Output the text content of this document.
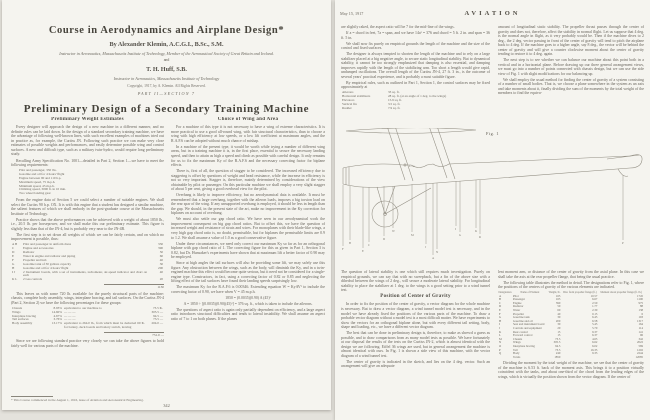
Course in Aerodynamics and Airplane Design*
By Alexander Klemin, A.C.G.I., B.Sc., S.M.
Instructor in Aeronautics, Massachusetts Institute of Technology, Member of the Aeronautical Society of Great Britain and Ireland.
and
T. H. Huff, S.B.
Instructor in Aeronautics, Massachusetts Institute of Technology
Copyright, 1917, by A. Klemin. All Rights Reserved.
PART II—SECTION 7
Preliminary Design of a Secondary Training Machine
Preliminary Weight Estimates

Every designer will approach the design of a new machine in a different manner, and no definite rules can be laid down. In the design of a standard secondary training machine, we have the advantage of following well-known lines, with such excellent examples of machines tried out in practice as, for example, the Curtiss JN. Following such practice we can make very close estimates of possible weights and performances, and easily determine possible wing and control surfaces. A new and difficult type, such as a military twin-hydro, would require long preliminary study.

Recalling Army Specification No. 1001—detailed in Part 2, Section 1—we have to meet the following requirements:

Pilot and passenger, 330 lbs.
Gasoline and oil for 4 hours' flight
Engine between 90 and 110 h.p.
Maximum speed, 75 m.p.h.
Minimum speed, 45 m.p.h.
Climbing speed, 3000 ft. in 10 min.
Two wheel landing gear

From the engine data of Section 5 we could select a number of suitable engines. We shall select the Curtiss 90 h.p. OX. It is with this engine that a student has designed a similar machine, the salient features of which we shall embody in the post-graduate course at the Massachusetts Institute of Technology.

Practice shows that the above performances can be achieved with a weight of about 1850 lb., i.e., 20.5 lb. per horsepower, and we shall make this our preliminary estimate. This figure is slightly less than that of the JN-4, but is probably very near to the JN-4B.

The first step is to set down all weights of which we can be fairly certain, and on which no improvement is possible, thus:

A B	Pilot and passenger in uniform dress	330
C	Engine and accessories	390
D	Radiator	50
E	Water in engine and radiator and piping	60
F	Propeller and hub	40
G	Gasoline tank of 30 gallons capacity	30
H	Gasoline and oil for 4 hours' flight	200
I J	2 Instrument boards, with a set of instruments, tachometer, air-speed indicator and chart on each	40
K L	2 Gas controls	20
1130

This leaves us with some 720 lb. available for the purely structural parts of the machine: chassis, complete body assembly, wings, interplane bracing, and tail surfaces. On the Curtiss JN-4 (Part 2, Section 2) we have the following percentages for these groups:

Chassis	8.93%	equivalent to our machine to	73.5 lb.
Wings	14.60%	— — —	305.5 —
Interplane bracing	4.67%	— — —	94.5 —
Tail surfaces	3.76%	— — —	73.5 —
Body assembly	13.17%	equivalent to 264.0 lb., from which must be deducted 60 lb. for battery, deck boards and battery switch, leaving	204.0 —
751.0 —

Since we are following standard practice very closely we can take the above figures to hold fairly well for various parts of the machine.

Choice of Wing and Area

For a machine of this type it is not necessary to have a wing of extreme characteristics. It is more practical to use a good all-round wing, with fair structural characteristics, than to choose a wing with high efficiency at low speeds, or a low lift coefficient at maximum angles, and the R.A.F.6 can be adopted without much chance of mishap.

In a machine of the present type, it would be worth while trying a number of different wing areas, but in a training machine it is, in the first place, essential to secure the necessary landing speed, and then to attain as high a speed and climb as possible with careful design. It only remains for us to fix the maximum Ky of the R.A.F.6 and the necessary correcting factor for biplane effects.

There is, first of all, the question of stagger to be considered. The increased efficiency due to staggering is offset by questions of weight and head resistance, while the increase in efficiency is not so very important. Stagger is, therefore, mainly determined by considerations of the view obtainable by pilot or passenger. On this particular machine we shall employ a very slight stagger of about 5 per cent, giving a good overhead view for the pilot.

Overhang is likely to improve efficiency, but no aerodynamical data is available. It must be remembered that a large overhang, together with the aileron loads, imposes a big torsion load on the rear spar of the wing. If any unsupported overhang is employed, it should be less in length than the gap. We should, in the present state of the art, make no improvement in the Ky correction for biplanes on account of overhang.

We must also settle our gap chord ratio. We have seen in our aerodynamical work the improvement consequent on big gap chord ratios. But to offset this, we have the question of increased weight and resistance of struts and wires. For monoplanes with their blade-like wings, a very high gap chord ratio is, no doubt, permissible, but for biplanes the permissible limits are 0.9 to 1.2. We shall assume a value of 1.0 as a good conservative figure.

Under these circumstances, we need only correct our maximum Ky so far as for an orthogonal biplane with gap chord ratio of 1. The correcting figure for this as given in Part 1, Section 3 is 0.82, but Dr. Hunsaker's experiments have shown that at maximum lift a better factor of 0.90 may be employed.

Since at high angles the tail surfaces will also be providing some lift, we may safely use this figure. Any obstruction between the wings, such as the body, will diminish the Ky, and in a twin-engined machine this effect would become quite serious, but it need not be considered for a single-engine type. Constructors, in fact, using a correcting factor of 0.82 or 0.85 and neglecting the lifting effect of the tail surfaces have found their landing speeds surprisingly low.

The maximum Ky for the R.A.F.6 is 0.00346. Extending equation W = KyAV² to include the correcting factor of 0.90, we have when V = 45 m.p.h.

1850 = (0.0035)(0.90) A (45)²
A = 1850 ÷ [(0.0035)(0.90)(45)²] = 376 sq. ft., which is taken to include the ailerons.

The questions of aspect ratio is again only partially dependent on efficiency, and a large aspect ratio introduces structural difficulties and tends to lateral instability. We shall assume an aspect ratio of 7 to 1 on both planes. If the planes

* This Course commenced in the August 1, 1916, issue of Aviation and Aeronautical Engineering.
342
May 15, 1917	AVIATION

are slightly raked, the aspect ratio will be 7 for the mid-line of the wings.

If a = chord in feet, 7a = span, and we have 14a² = 376 and chord = 5 ft. 2 in. and span = 36 ft. 5 in.

We shall now fix purely on empirical grounds the length of the machine and the size of the control and fixed surfaces.

The designer is always tempted to shorten the length of the machine and to rely on a large stabilizer placed at a big negative angle, to secure static longitudinal stability. But to dynamical stability, it cannot be too strongly emphasized that damping is also essential, and damping improves rapidly with the length of the stabilizing arm. Too short a length would give rapid, undamped oscillations. The overall length of the Curtiss JN-4, 27 ft. 3 in., is the outcome of several years' practical experience, and is probably a most suitable figure.

By empirical rules, such as outlined in Part 1, Section 1, the control surfaces may be fixed approximately at

Ailerons	33 sq. ft.
Horizontal stabilizers	28 sq. ft. (at an angle of 1 deg. to the wings)
Elevators	15.9 sq. ft.
Vertical fin	3.5 sq. ft.
Rudder	7.9 sq. ft.

amount of longitudinal static stability. The propeller thrust passes through the center of gravity and does not, therefore, affect the stability in normal flight. Let us suppose that 4 deg. is the normal angle in flight, as it very probably would be. Then if the machine dives to 2 deg., the 2 deg. vector passing in front of the center of gravity will tend to pitch the airplane back to 4 deg. If the machine goes to a higher angle, say 8 deg., the vector will be behind the center of gravity and will give a counter clockwise moment about the center of gravity tending to restore it to 4 deg. again.

The next step is to see whether we can balance our machine about this point both in a vertical and in a horizontal plane. Before drawing up our three general arrangement views, we must go into a number of points connected with chassis design, but we can use the side view of Fig. 1 with slight modifications for our balancing up.

We shall employ the usual method for finding the center of gravity of a system consisting of a number of small bodies. That is, we choose a plane somewhere in the system as an axis and take moments about it, finally dividing the sum of the moments by the total weight of the members to find the equiva-

C. G.
F
B
E
C
D
W
M
J
A
N
I
G
K
R
P
Fig. 1

The question of lateral stability is one which still requires much investigation. Purely on empirical grounds, we can say that with no sweepback, but a fin of the above size with a dihedral between the wings of 2 deg., will secure a moderate lateral stability. For longitudinal stability to place the stabilizer at 1 deg. to the wings is a good setting prior to a wind tunnel test.

Position of Center of Gravity

In order to fix the position of the center of gravity, a vector diagram for the whole machine is necessary. But to draw a vector diagram, a wind tunnel model test is necessary, and in the model we have already fixed the positions of the various parts of the machine. To draw a probable vector diagram without a model test is a most difficult matter. We have experiments to show the vectors for an orthogonal biplane alone, but with every different tail setting, body, shape and loading, etc., we have a different vector diagram.

The best that can be done in preliminary design is, therefore, to make as shrewd a guess as possible, and to draw comparisons from as many model tests as possible. We have fortunately at our disposal the results of the tests on the Curtiss JN-2, which is almost identical with the design we are following. Eiffel 36 wings are used, but in general arrangement the machine is almost identical with ours. In Fig. 1 is shown a side view of this machine, with the vector diagram of a wind tunnel test.

The center of gravity is indicated in the sketch, and lies on the 4 deg. vector. Such an arrangement will give an adequate

lent moment arm, or distance of the center of gravity from the axial plane. In this case we shall take the axis at the rear propeller flange, that being the usual practice.

The following table illustrates the method in detail. The designations refer to Fig. 1, where the positions of the centers of gravity of the various elements are indicated.

Designation	Name of Element	Weight, lb.	Dist. from propeller flange (ft.)	Moment about propeller flange (ft. lb.)
A	Pilot	165	10.57	1745
B	Passenger	165	6.67	1100
C	Engine	390	2.50	975
D	Radiator	50	1.77	88
E	Water	60	2.30	138
F	Propeller	40	0.15	6
G	Gasoline tank	30	6.45	193
H	Gasoline and oil	200	6.58	1317
I	Seat and instrument board	30	5.45	164
J	Controls and equipment	20	5.70	114
K	Rear control	15	9.37	141
L	Forward control	15	6.37	96
M	Chassis	73.5	4.65	342
N	Wings	305.5	6.62	2022
O	Interplane bracing	94.5	6.02	569
P	Tail	73.5	16.35	1202
Q	Body	240	9.35	2244
	Totals	1850		12085

Dividing the moment by the total weight of the machine, we see that the center of gravity of the machine is 6.53 ft. back of the moment axis. This brings it to a position virtually coincident with the tanks, and about one-third of the chord from the leading edges of the wings, which is virtually the position shown from the vector diagram. If the center of
